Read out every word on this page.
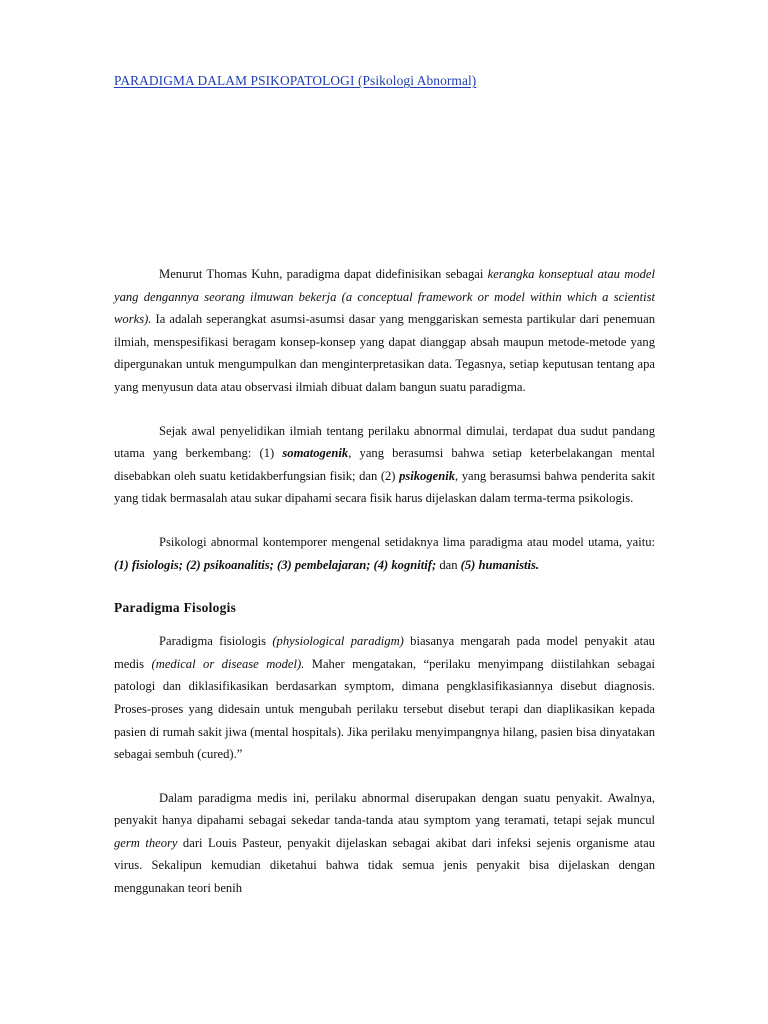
PARADIGMA DALAM PSIKOPATOLOGI (Psikologi Abnormal)

Menurut Thomas Kuhn, paradigma dapat didefinisikan sebagai kerangka konseptual atau model yang dengannya seorang ilmuwan bekerja (a conceptual framework or model within which a scientist works). Ia adalah seperangkat asumsi-asumsi dasar yang menggariskan semesta partikular dari penemuan ilmiah, menspesifikasi beragam konsep-konsep yang dapat dianggap absah maupun metode-metode yang dipergunakan untuk mengumpulkan dan menginterpretasikan data. Tegasnya, setiap keputusan tentang apa yang menyusun data atau observasi ilmiah dibuat dalam bangun suatu paradigma.

Sejak awal penyelidikan ilmiah tentang perilaku abnormal dimulai, terdapat dua sudut pandang utama yang berkembang: (1) somatogenik, yang berasumsi bahwa setiap keterbelakangan mental disebabkan oleh suatu ketidakberfungsian fisik; dan (2) psikogenik, yang berasumsi bahwa penderita sakit yang tidak bermasalah atau sukar dipahami secara fisik harus dijelaskan dalam terma-terma psikologis.

Psikologi abnormal kontemporer mengenal setidaknya lima paradigma atau model utama, yaitu: (1) fisiologis; (2) psikoanalitis; (3) pembelajaran; (4) kognitif; dan (5) humanistis.

Paradigma Fisologis

Paradigma fisiologis (physiological paradigm) biasanya mengarah pada model penyakit atau medis (medical or disease model). Maher mengatakan, “perilaku menyimpang diistilahkan sebagai patologi dan diklasifikasikan berdasarkan symptom, dimana pengklasifikasiannya disebut diagnosis. Proses-proses yang didesain untuk mengubah perilaku tersebut disebut terapi dan diaplikasikan kepada pasien di rumah sakit jiwa (mental hospitals). Jika perilaku menyimpangnya hilang, pasien bisa dinyatakan sebagai sembuh (cured).”

Dalam paradigma medis ini, perilaku abnormal diserupakan dengan suatu penyakit. Awalnya, penyakit hanya dipahami sebagai sekedar tanda-tanda atau symptom yang teramati, tetapi sejak muncul germ theory dari Louis Pasteur, penyakit dijelaskan sebagai akibat dari infeksi sejenis organisme atau virus. Sekalipun kemudian diketahui bahwa tidak semua jenis penyakit bisa dijelaskan dengan menggunakan teori benih
